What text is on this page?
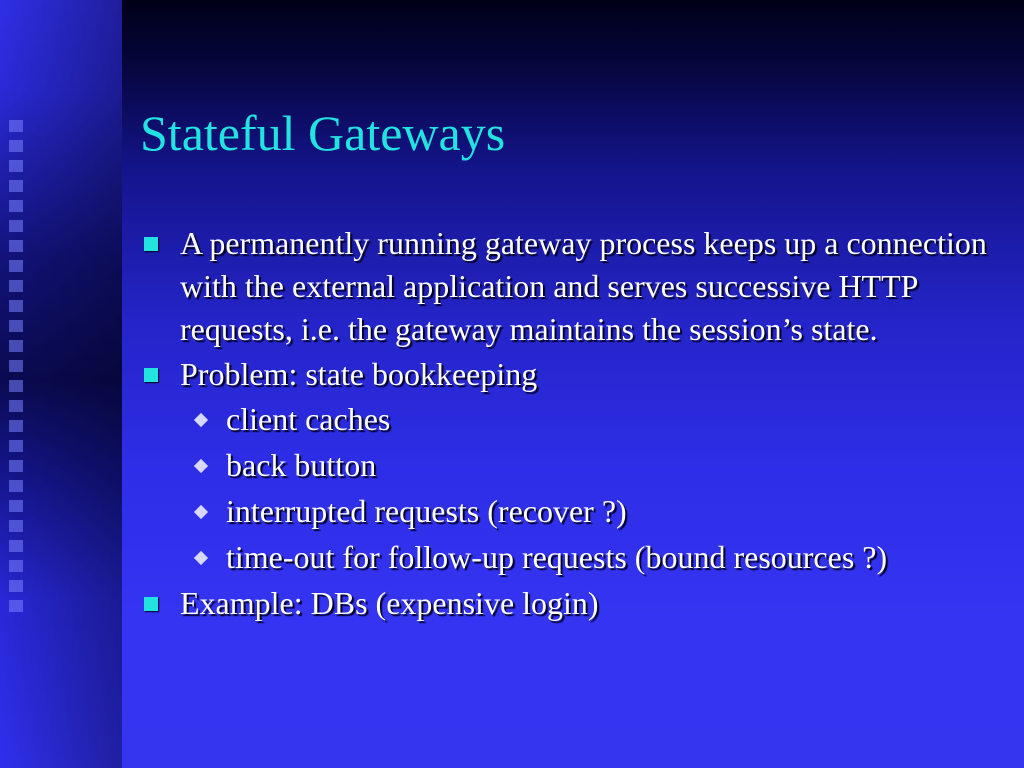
Stateful Gateways
A permanently running gateway process keeps up a connection with the external application and serves successive HTTP requests, i.e. the gateway maintains the session’s state.
Problem: state bookkeeping
client caches
back button
interrupted requests (recover ?)
time-out for follow-up requests (bound resources ?)
Example: DBs (expensive login)
